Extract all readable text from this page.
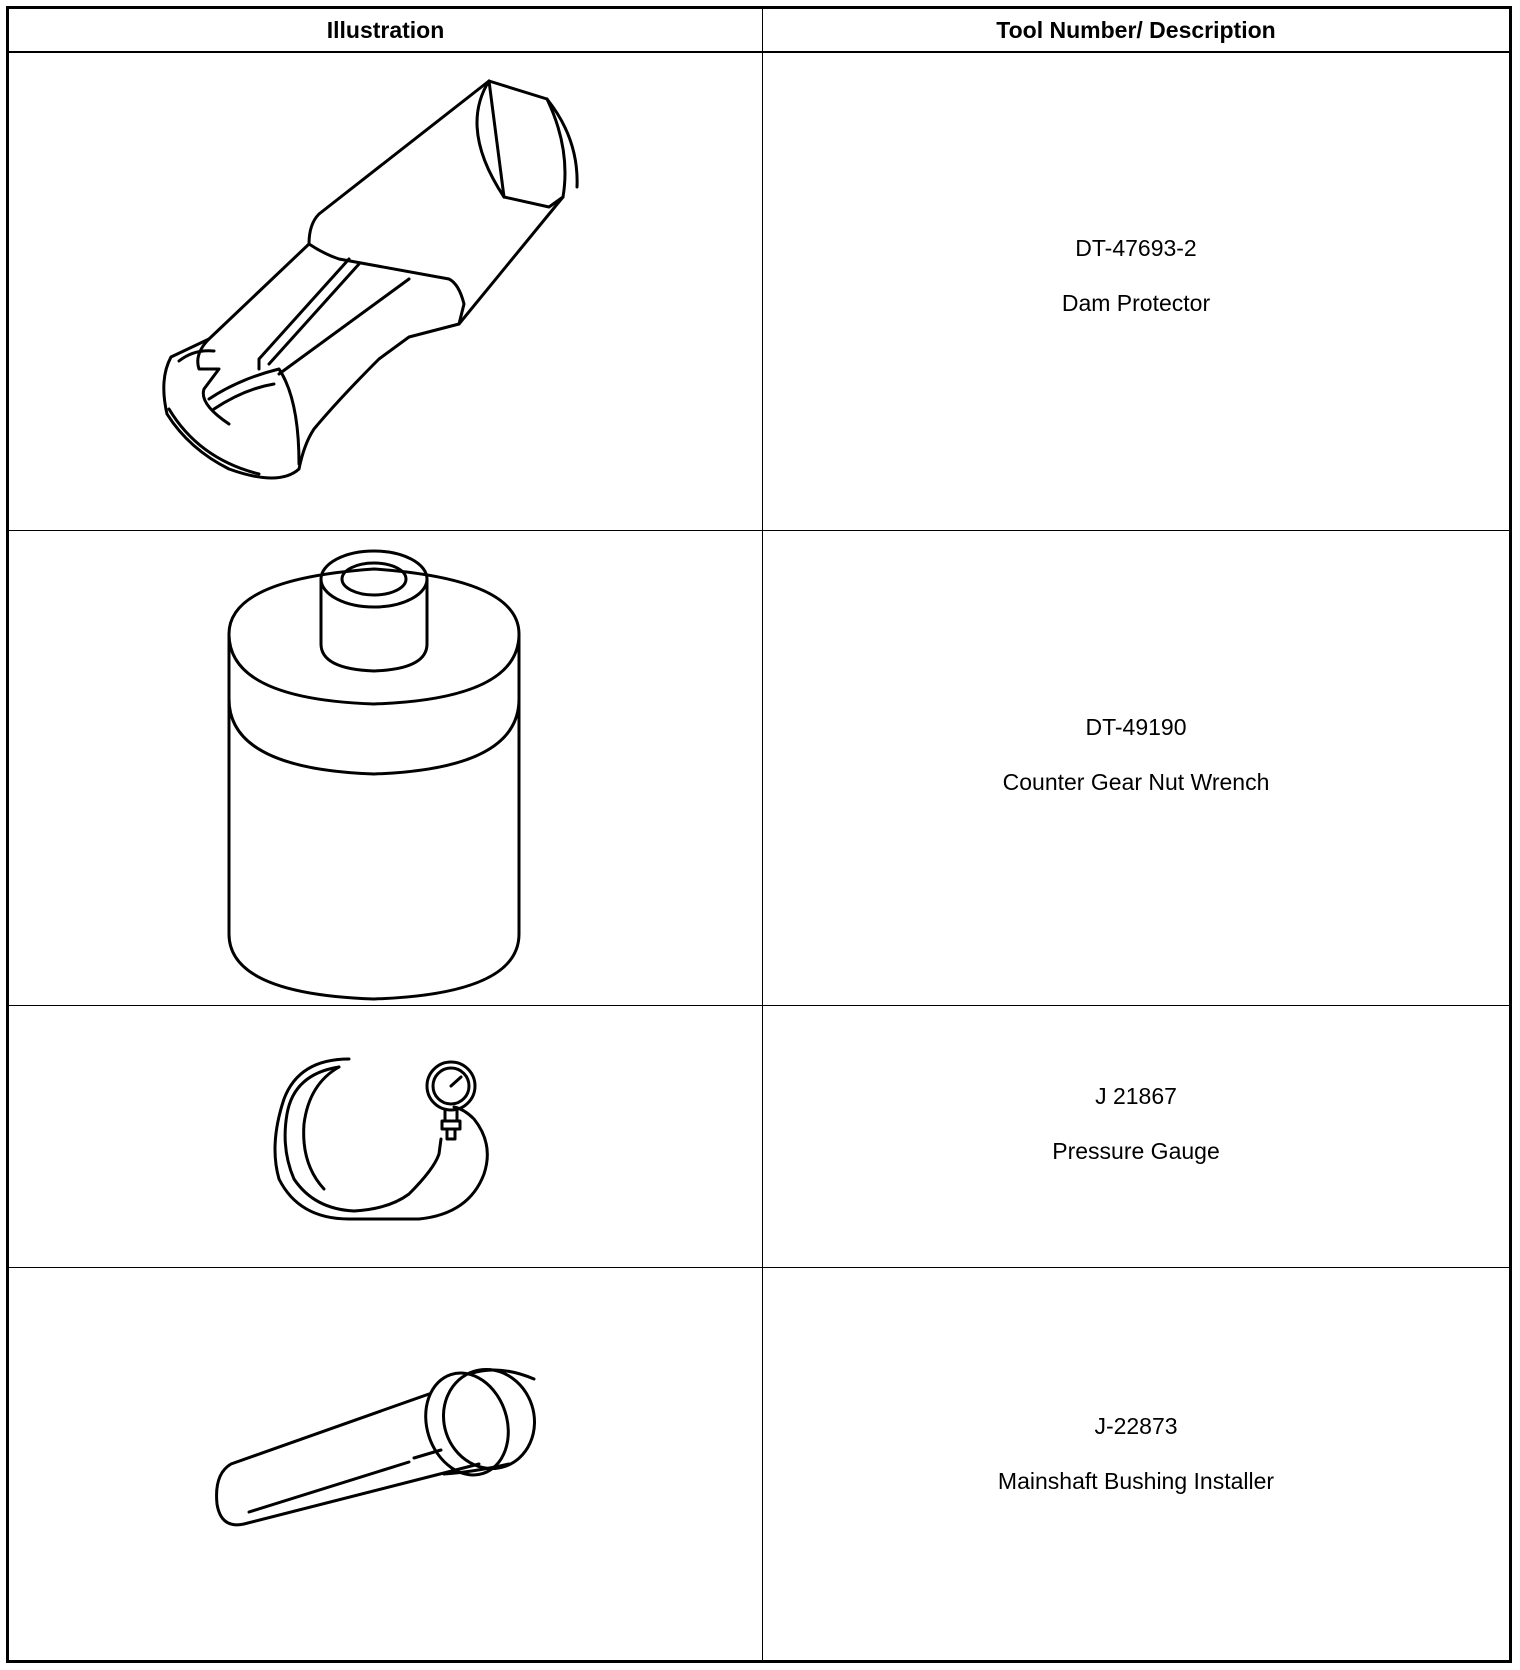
Illustration	Tool Number/ Description
DT-47693-2
Dam Protector
DT-49190
Counter Gear Nut Wrench
J 21867
Pressure Gauge
J-22873
Mainshaft Bushing Installer
